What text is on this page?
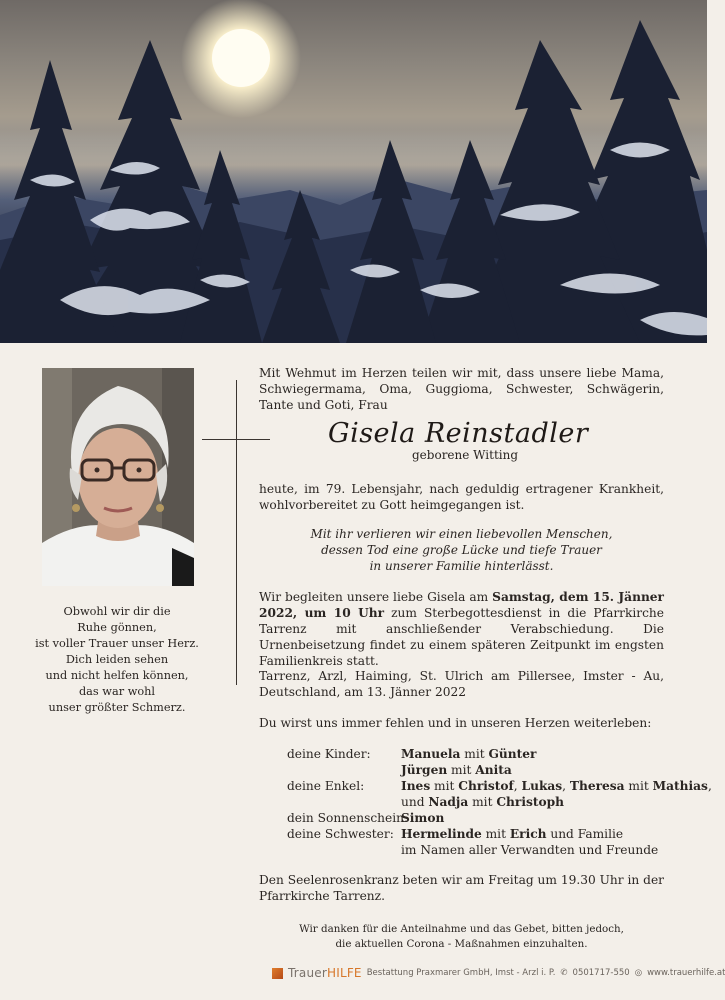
Obwohl wir dir die
Ruhe gönnen,
ist voller Trauer unser Herz.
Dich leiden sehen
und nicht helfen können,
das war wohl
unser größter Schmerz.

Mit Wehmut im Herzen teilen wir mit, dass unsere liebe Mama, Schwiegermama, Oma, Guggioma, Schwester, Schwägerin, Tante und Goti, Frau

Gisela Reinstadler
geborene Witting
heute, im 79. Lebensjahr, nach geduldig ertragener Krankheit, wohlvorbereitet zu Gott heimgegangen ist.
Mit ihr verlieren wir einen liebevollen Menschen,
dessen Tod eine große Lücke und tiefe Trauer
in unserer Familie hinterlässt.
Wir begleiten unsere liebe Gisela am Samstag, dem 15. Jänner 2022, um 10 Uhr zum Sterbegottesdienst in die Pfarrkirche Tarrenz mit anschließender Verabschiedung. Die Urnenbeisetzung findet zu einem späteren Zeitpunkt im engsten Familienkreis statt.
Tarrenz, Arzl, Haiming, St. Ulrich am Pillersee, Imster - Au, Deutschland, am 13. Jänner 2022
Du wirst uns immer fehlen und in unseren Herzen weiterleben:
deine Kinder: Manuela mit Günter
Jürgen mit Anita
deine Enkel:	Ines mit Christof, Lukas, Theresa mit Mathias,
und Nadja mit Christoph
dein Sonnenschein:
Simon
deine Schwester: Hermelinde mit Erich und Familie
im Namen aller Verwandten und Freunde
Den Seelenrosenkranz beten wir am Freitag um 19.30 Uhr in der Pfarrkirche Tarrenz.
Wir danken für die Anteilnahme und das Gebet, bitten jedoch,
die aktuellen Corona - Maßnahmen einzuhalten.
TrauerHILFE Bestattung Praxmarer GmbH, Imst - Arzl i. P. ✆ 0501717-550 ◎ www.trauerhilfe.at
